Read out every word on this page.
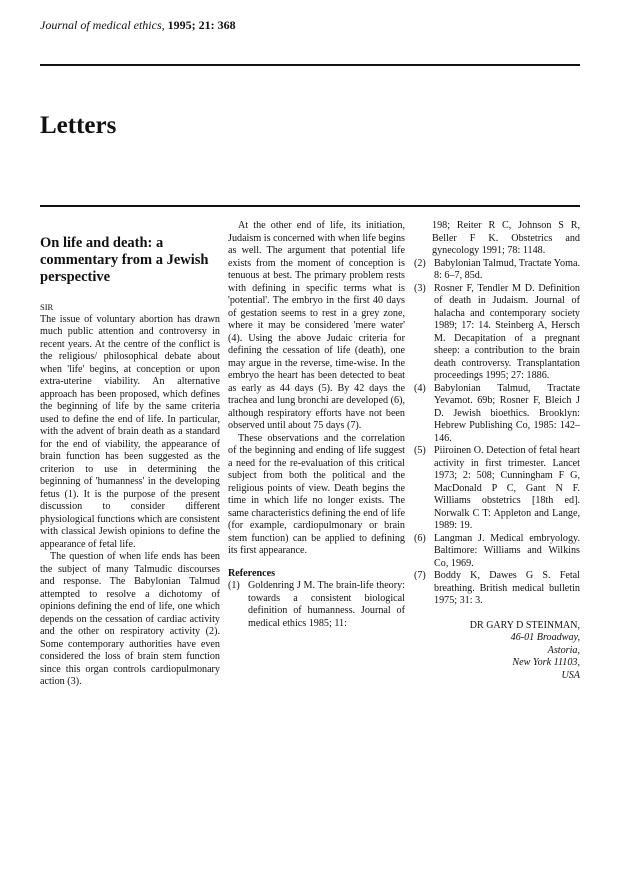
Journal of medical ethics, 1995; 21: 368
Letters
On life and death: a commentary from a Jewish perspective
SIR

The issue of voluntary abortion has drawn much public attention and controversy in recent years. At the centre of the conflict is the religious/ philosophical debate about when 'life' begins, at conception or upon extra-uterine viability. An alternative approach has been proposed, which defines the beginning of life by the same criteria used to define the end of life. In particular, with the advent of brain death as a standard for the end of viability, the appearance of brain function has been suggested as the criterion to use in determining the beginning of 'humanness' in the developing fetus (1). It is the purpose of the present discussion to consider different physiological functions which are consistent with classical Jewish opinions to define the appearance of fetal life.

The question of when life ends has been the subject of many Talmudic discourses and response. The Babylonian Talmud attempted to resolve a dichotomy of opinions defining the end of life, one which depends on the cessation of cardiac activity and the other on respiratory activity (2). Some contemporary authorities have even considered the loss of brain stem function since this organ controls cardiopulmonary action (3).

At the other end of life, its initiation, Judaism is concerned with when life begins as well. The argument that potential life exists from the moment of conception is tenuous at best. The primary problem rests with defining in specific terms what is 'potential'. The embryo in the first 40 days of gestation seems to rest in a grey zone, where it may be considered 'mere water' (4). Using the above Judaic criteria for defining the cessation of life (death), one may argue in the reverse, time-wise. In the embryo the heart has been detected to beat as early as 44 days (5). By 42 days the trachea and lung bronchi are developed (6), although respiratory efforts have not been observed until about 75 days (7).

These observations and the correlation of the beginning and ending of life suggest a need for the re-evaluation of this critical subject from both the political and the religious points of view. Death begins the time in which life no longer exists. The same characteristics defining the end of life (for example, cardiopulmonary or brain stem function) can be applied to defining its first appearance.

References
(1) Goldenring J M. The brain-life theory: towards a consistent biological definition of humanness. Journal of medical ethics 1985; 11:
198; Reiter R C, Johnson S R, Beller F K. Obstetrics and gynecology 1991; 78: 1148.
(2) Babylonian Talmud, Tractate Yoma. 8: 6–7, 85d.
(3) Rosner F, Tendler M D. Definition of death in Judaism. Journal of halacha and contemporary society 1989; 17: 14. Steinberg A, Hersch M. Decapitation of a pregnant sheep: a contribution to the brain death controversy. Transplantation proceedings 1995; 27: 1886.
(4) Babylonian Talmud, Tractate Yevamot. 69b; Rosner F, Bleich J D. Jewish bioethics. Brooklyn: Hebrew Publishing Co, 1985: 142–146.
(5) Piiroinen O. Detection of fetal heart activity in first trimester. Lancet 1973; 2: 508; Cunningham F G, MacDonald P C, Gant N F. Williams obstetrics [18th ed]. Norwalk C T: Appleton and Lange, 1989: 19.
(6) Langman J. Medical embryology. Baltimore: Williams and Wilkins Co, 1969.
(7) Boddy K, Dawes G S. Fetal breathing. British medical bulletin 1975; 31: 3.
DR GARY D STEINMAN,
46-01 Broadway,
Astoria,
New York 11103,
USA
